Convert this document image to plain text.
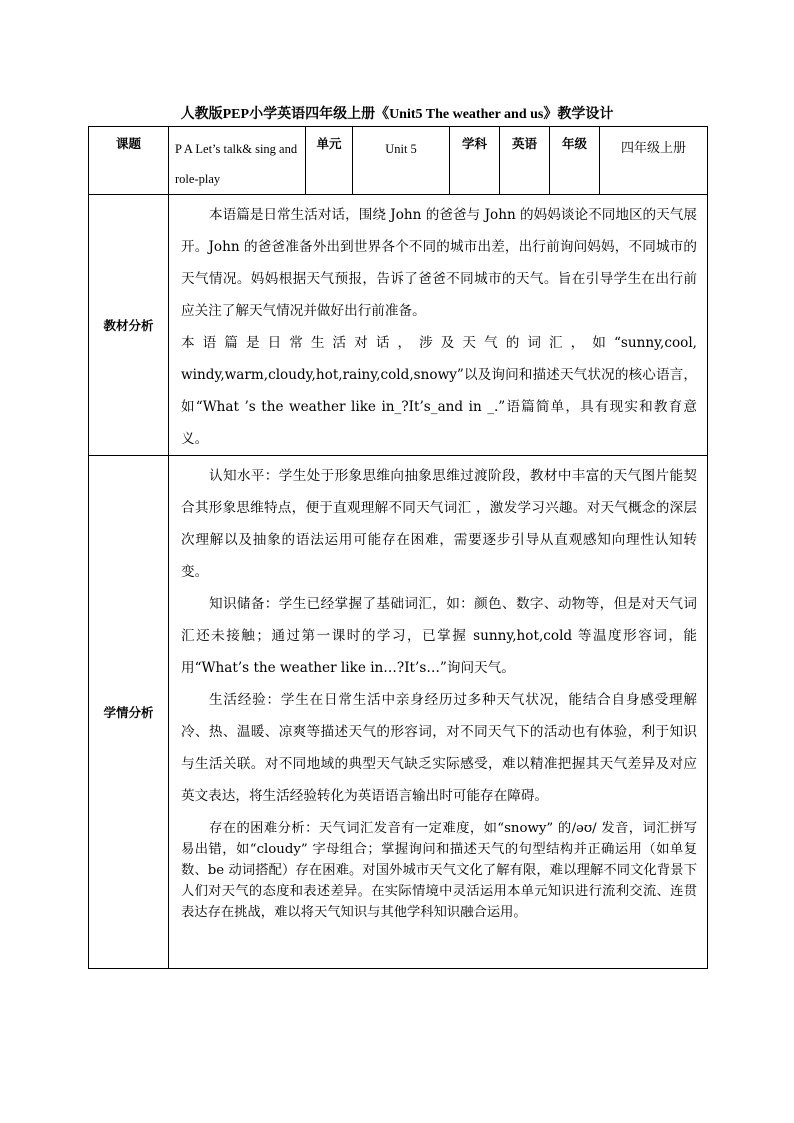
人教版PEP小学英语四年级上册《Unit5 The weather and us》教学设计
课题	P A Let’s talk& sing and role-play	单元	Unit 5	学科	英语	年级	四年级上册
教材分析	本语篇是日常生活对话，围绕 John 的爸爸与 John 的妈妈谈论不同地区的天气展开。John 的爸爸准备外出到世界各个不同的城市出差，出行前询问妈妈，不同城市的天气情况。妈妈根据天气预报，告诉了爸爸不同城市的天气。旨在引导学生在出行前应关注了解天气情况并做好出行前准备。

本语篇是日常生活对话，涉及天气的词汇，如“sunny,cool, windy,warm,cloudy,hot,rainy,cold,snowy”以及询问和描述天气状况的核心语言，如“What ’s the weather like in_?It’s_and in _.”语篇简单，具有现实和教育意义。						

学情分析	认知水平：学生处于形象思维向抽象思维过渡阶段，教材中丰富的天气图片能契合其形象思维特点，便于直观理解不同天气词汇 ，激发学习兴趣。对天气概念的深层次理解以及抽象的语法运用可能存在困难，需要逐步引导从直观感知向理性认知转变。

知识储备：学生已经掌握了基础词汇，如：颜色、数字、动物等，但是对天气词汇还未接触；通过第一课时的学习，已掌握 sunny,hot,cold 等温度形容词，能用“What’s the weather like in…?It’s…”询问天气。

生活经验：学生在日常生活中亲身经历过多种天气状况，能结合自身感受理解冷、热、温暖、凉爽等描述天气的形容词，对不同天气下的活动也有体验，利于知识与生活关联。对不同地域的典型天气缺乏实际感受，难以精准把握其天气差异及对应英文表达，将生活经验转化为英语语言输出时可能存在障碍。

存在的困难分析：天气词汇发音有一定难度，如“snowy” 的/əʊ/ 发音，词汇拼写易出错，如“cloudy” 字母组合；掌握询问和描述天气的句型结构并正确运用（如单复数、be 动词搭配）存在困难。对国外城市天气文化了解有限，难以理解不同文化背景下人们对天气的态度和表述差异。在实际情境中灵活运用本单元知识进行流利交流、连贯表达存在挑战，难以将天气知识与其他学科知识融合运用。						
